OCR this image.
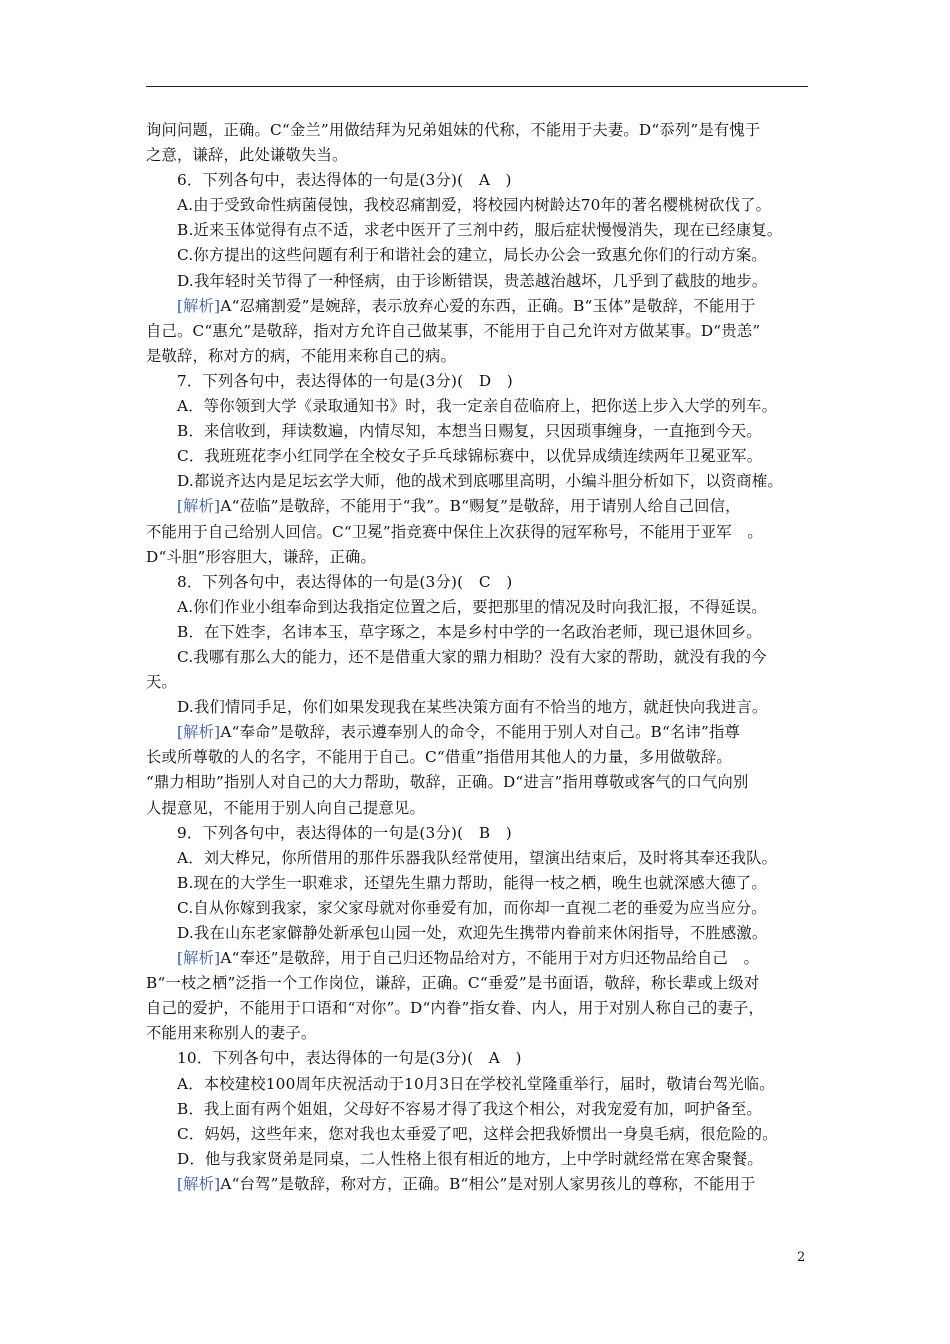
询问问题，正确。C“金兰”用做结拜为兄弟姐妹的代称，不能用于夫妻。D“忝列”是有愧于
之意，谦辞，此处谦敬失当。
6．下列各句中，表达得体的一句是(3分)(　A　)
A.由于受致命性病菌侵蚀，我校忍痛割爱，将校园内树龄达70年的著名樱桃树砍伐了。
B.近来玉体觉得有点不适，求老中医开了三剂中药，服后症状慢慢消失，现在已经康复。
C.你方提出的这些问题有利于和谐社会的建立，局长办公会一致惠允你们的行动方案。
D.我年轻时关节得了一种怪病，由于诊断错误，贵恙越治越坏，几乎到了截肢的地步。
[解析]A“忍痛割爱”是婉辞，表示放弃心爱的东西，正确。B“玉体”是敬辞，不能用于
自己。C“惠允”是敬辞，指对方允许自己做某事，不能用于自己允许对方做某事。D“贵恙”
是敬辞，称对方的病，不能用来称自己的病。
7．下列各句中，表达得体的一句是(3分)(　D　)
A．等你领到大学《录取通知书》时，我一定亲自莅临府上，把你送上步入大学的列车。
B．来信收到，拜读数遍，内情尽知，本想当日赐复，只因琐事缠身，一直拖到今天。
C．我班班花李小红同学在全校女子乒乓球锦标赛中，以优异成绩连续两年卫冕亚军。
D.都说齐达内是足坛玄学大师，他的战术到底哪里高明，小编斗胆分析如下，以资商榷。
[解析]A“莅临”是敬辞，不能用于“我”。B“赐复”是敬辞，用于请别人给自己回信，
不能用于自己给别人回信。C“卫冕”指竞赛中保住上次获得的冠军称号，不能用于亚军　。
D“斗胆”形容胆大，谦辞，正确。
8．下列各句中，表达得体的一句是(3分)(　C　)
A.你们作业小组奉命到达我指定位置之后，要把那里的情况及时向我汇报，不得延误。
B．在下姓李，名讳本玉，草字琢之，本是乡村中学的一名政治老师，现已退休回乡。
C.我哪有那么大的能力，还不是借重大家的鼎力相助？没有大家的帮助，就没有我的今
天。
D.我们情同手足，你们如果发现我在某些决策方面有不恰当的地方，就赶快向我进言。
[解析]A“奉命”是敬辞，表示遵奉别人的命令，不能用于别人对自己。B“名讳”指尊
长或所尊敬的人的名字，不能用于自己。C“借重”指借用其他人的力量，多用做敬辞。
“鼎力相助”指别人对自己的大力帮助，敬辞，正确。D“进言”指用尊敬或客气的口气向别
人提意见，不能用于别人向自己提意见。
9．下列各句中，表达得体的一句是(3分)(　B　)
A．刘大桦兄，你所借用的那件乐器我队经常使用，望演出结束后，及时将其奉还我队。
B.现在的大学生一职难求，还望先生鼎力帮助，能得一枝之栖，晚生也就深感大德了。
C.自从你嫁到我家，家父家母就对你垂爱有加，而你却一直视二老的垂爱为应当应分。
D.我在山东老家僻静处新承包山园一处，欢迎先生携带内眷前来休闲指导，不胜感激。
[解析]A“奉还”是敬辞，用于自己归还物品给对方，不能用于对方归还物品给自己　。
B“一枝之栖”泛指一个工作岗位，谦辞，正确。C“垂爱”是书面语，敬辞，称长辈或上级对
自己的爱护，不能用于口语和“对你”。D“内眷”指女眷、内人，用于对别人称自己的妻子，
不能用来称别人的妻子。
10．下列各句中，表达得体的一句是(3分)(　A　)
A．本校建校100周年庆祝活动于10月3日在学校礼堂隆重举行，届时，敬请台驾光临。
B．我上面有两个姐姐，父母好不容易才得了我这个相公，对我宠爱有加，呵护备至。
C．妈妈，这些年来，您对我也太垂爱了吧，这样会把我娇惯出一身臭毛病，很危险的。
D．他与我家贤弟是同桌，二人性格上很有相近的地方，上中学时就经常在寒舍聚餐。
[解析]A“台驾”是敬辞，称对方，正确。B“相公”是对别人家男孩儿的尊称，不能用于
2
